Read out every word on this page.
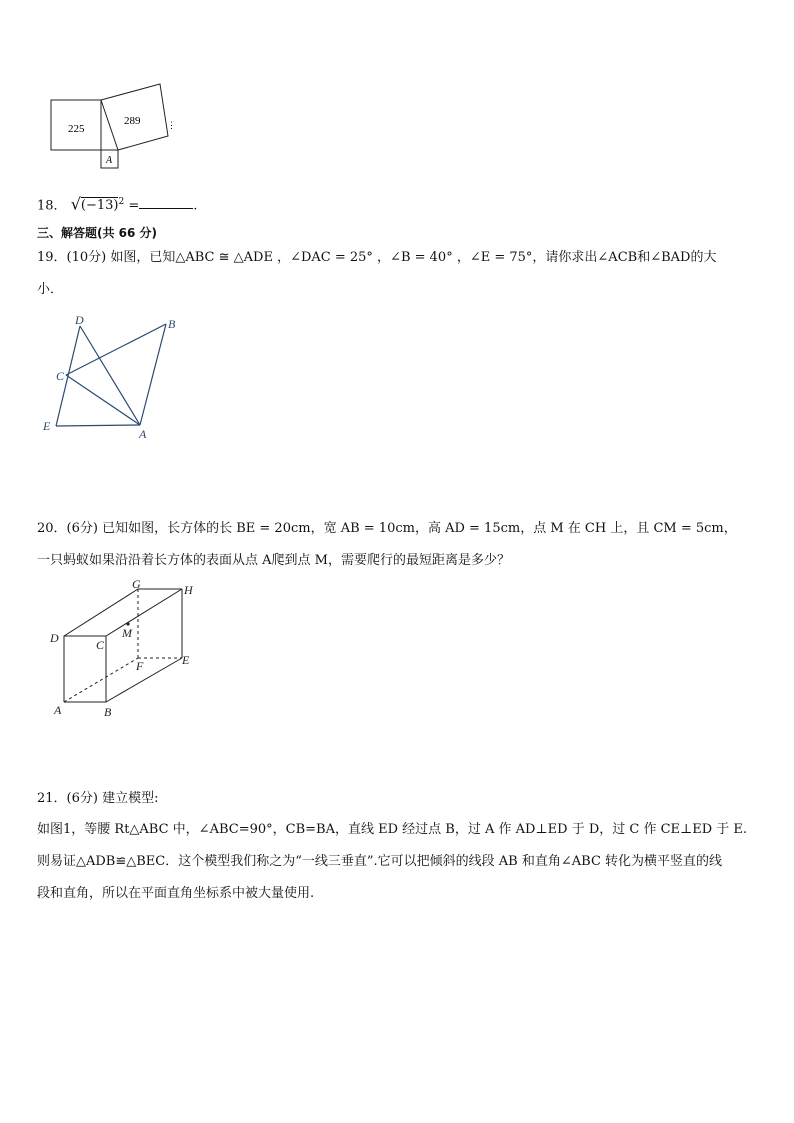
225
289
A
⋮
18． $√(-13)^2$ =	.
三、解答题(共 66 分)
19．(10分) 如图，已知△ABC ≅ △ADE ，∠DAC = 25° ，∠B = 40° ，∠E = 75°，请你求出∠ACB和∠BAD的大
小．
D	B
C
E
A
20．(6分) 已知如图，长方体的长 BE = 20cm，宽 AB = 10cm，高 AD = 15cm，点 M 在 CH 上，且 CM = 5cm，
一只蚂蚁如果沿沿着长方体的表面从点 A爬到点 M，需要爬行的最短距离是多少？
G	H
D	C
M
F	E
A	B
21．(6分) 建立模型:
如图1，等腰 Rt△ABC 中，∠ABC=90°，CB=BA，直线 ED 经过点 B，过 A 作 AD⊥ED 于 D，过 C 作 CE⊥ED 于 E.
则易证△ADB≌△BEC．这个模型我们称之为“一线三垂直”.它可以把倾斜的线段 AB 和直角∠ABC 转化为横平竖直的线
段和直角，所以在平面直角坐标系中被大量使用.
